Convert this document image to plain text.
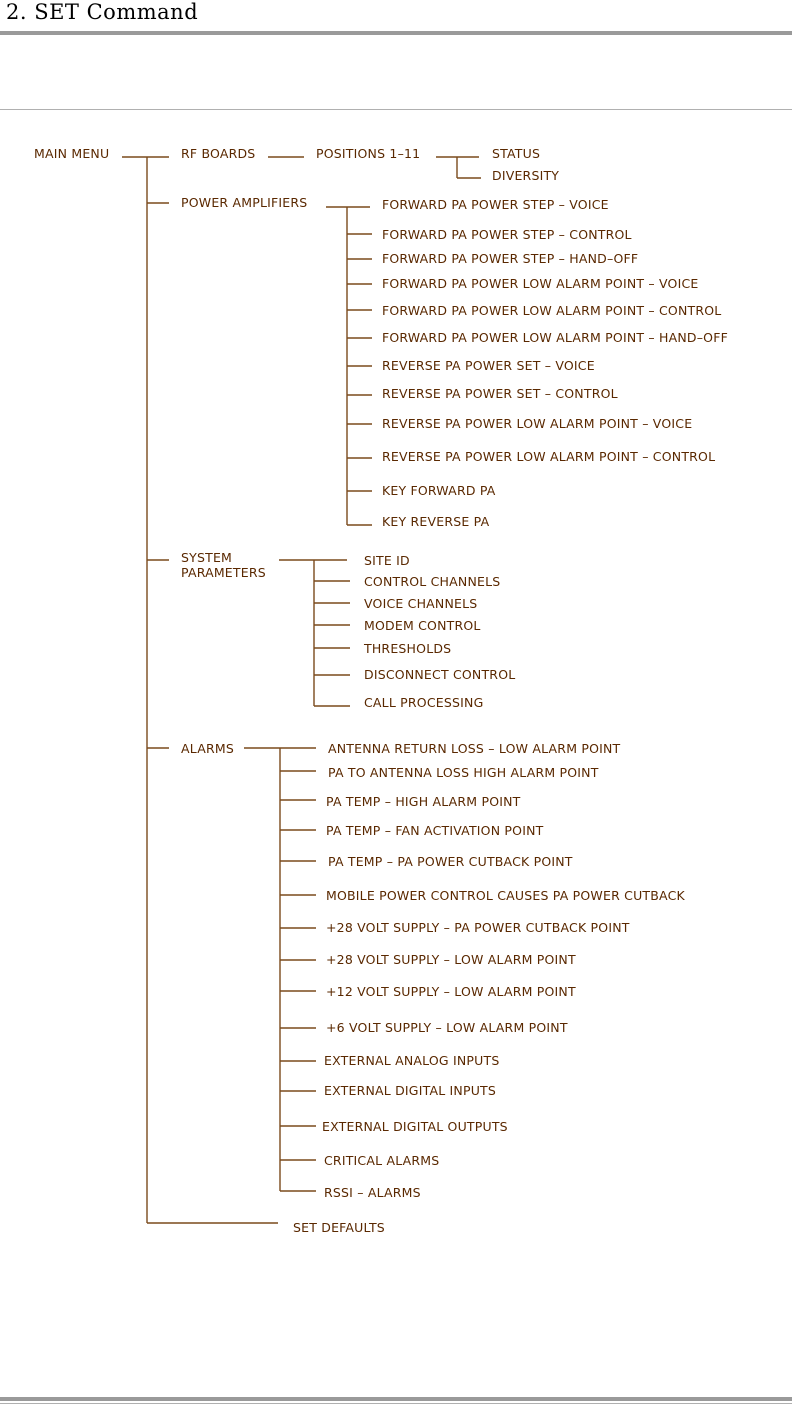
2. SET Command
MAIN MENU	RF BOARDS	POSITIONS 1–11	STATUS
DIVERSITY
POWER AMPLIFIERS	FORWARD PA POWER STEP – VOICE
FORWARD PA POWER STEP – CONTROL
FORWARD PA POWER STEP – HAND–OFF
FORWARD PA POWER LOW ALARM POINT – VOICE
FORWARD PA POWER LOW ALARM POINT – CONTROL
FORWARD PA POWER LOW ALARM POINT – HAND–OFF
REVERSE PA POWER SET – VOICE
REVERSE PA POWER SET – CONTROL
REVERSE PA POWER LOW ALARM POINT – VOICE
REVERSE PA POWER LOW ALARM POINT – CONTROL
KEY FORWARD PA
KEY REVERSE PA
SYSTEM
PARAMETERS
SITE ID
CONTROL CHANNELS
VOICE CHANNELS
MODEM CONTROL
THRESHOLDS
DISCONNECT CONTROL
CALL PROCESSING
ALARMS	ANTENNA RETURN LOSS – LOW ALARM POINT
PA TO ANTENNA LOSS HIGH ALARM POINT
PA TEMP – HIGH ALARM POINT
PA TEMP – FAN ACTIVATION POINT
PA TEMP – PA POWER CUTBACK POINT
MOBILE POWER CONTROL CAUSES PA POWER CUTBACK
+28 VOLT SUPPLY – PA POWER CUTBACK POINT
+28 VOLT SUPPLY – LOW ALARM POINT
+12 VOLT SUPPLY – LOW ALARM POINT
+6 VOLT SUPPLY – LOW ALARM POINT
EXTERNAL ANALOG INPUTS
EXTERNAL DIGITAL INPUTS
EXTERNAL DIGITAL OUTPUTS
CRITICAL ALARMS
RSSI – ALARMS
SET DEFAULTS
